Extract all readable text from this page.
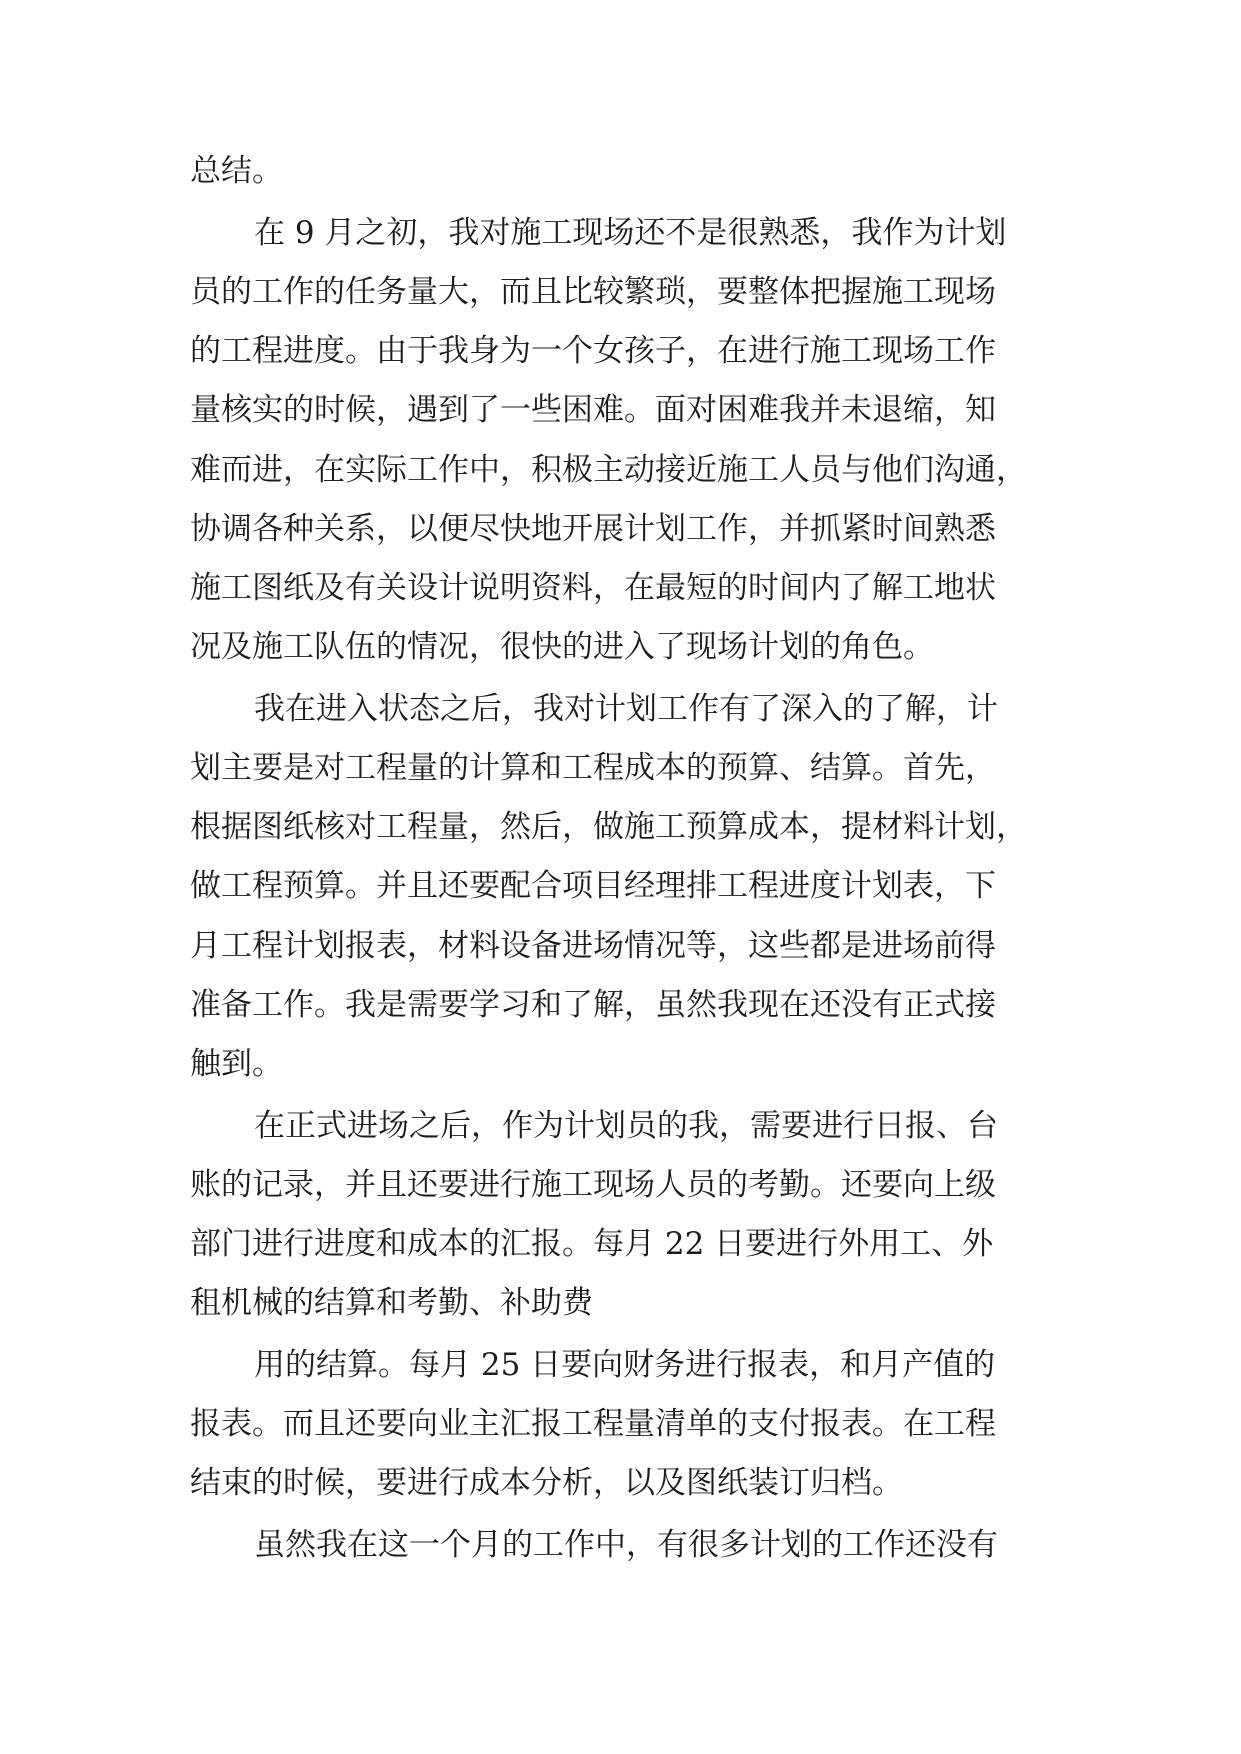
总结。

在 9 月之初，我对施工现场还不是很熟悉，我作为计划

员的工作的任务量大，而且比较繁琐，要整体把握施工现场

的工程进度。由于我身为一个女孩子，在进行施工现场工作

量核实的时候，遇到了一些困难。面对困难我并未退缩，知

难而进，在实际工作中，积极主动接近施工人员与他们沟通，

协调各种关系，以便尽快地开展计划工作，并抓紧时间熟悉

施工图纸及有关设计说明资料，在最短的时间内了解工地状

况及施工队伍的情况，很快的进入了现场计划的角色。

我在进入状态之后，我对计划工作有了深入的了解，计

划主要是对工程量的计算和工程成本的预算、结算。首先，

根据图纸核对工程量，然后，做施工预算成本，提材料计划，

做工程预算。并且还要配合项目经理排工程进度计划表，下

月工程计划报表，材料设备进场情况等，这些都是进场前得

准备工作。我是需要学习和了解，虽然我现在还没有正式接

触到。

在正式进场之后，作为计划员的我，需要进行日报、台

账的记录，并且还要进行施工现场人员的考勤。还要向上级

部门进行进度和成本的汇报。每月 22 日要进行外用工、外

租机械的结算和考勤、补助费

用的结算。每月 25 日要向财务进行报表，和月产值的

报表。而且还要向业主汇报工程量清单的支付报表。在工程

结束的时候，要进行成本分析，以及图纸装订归档。

虽然我在这一个月的工作中，有很多计划的工作还没有
